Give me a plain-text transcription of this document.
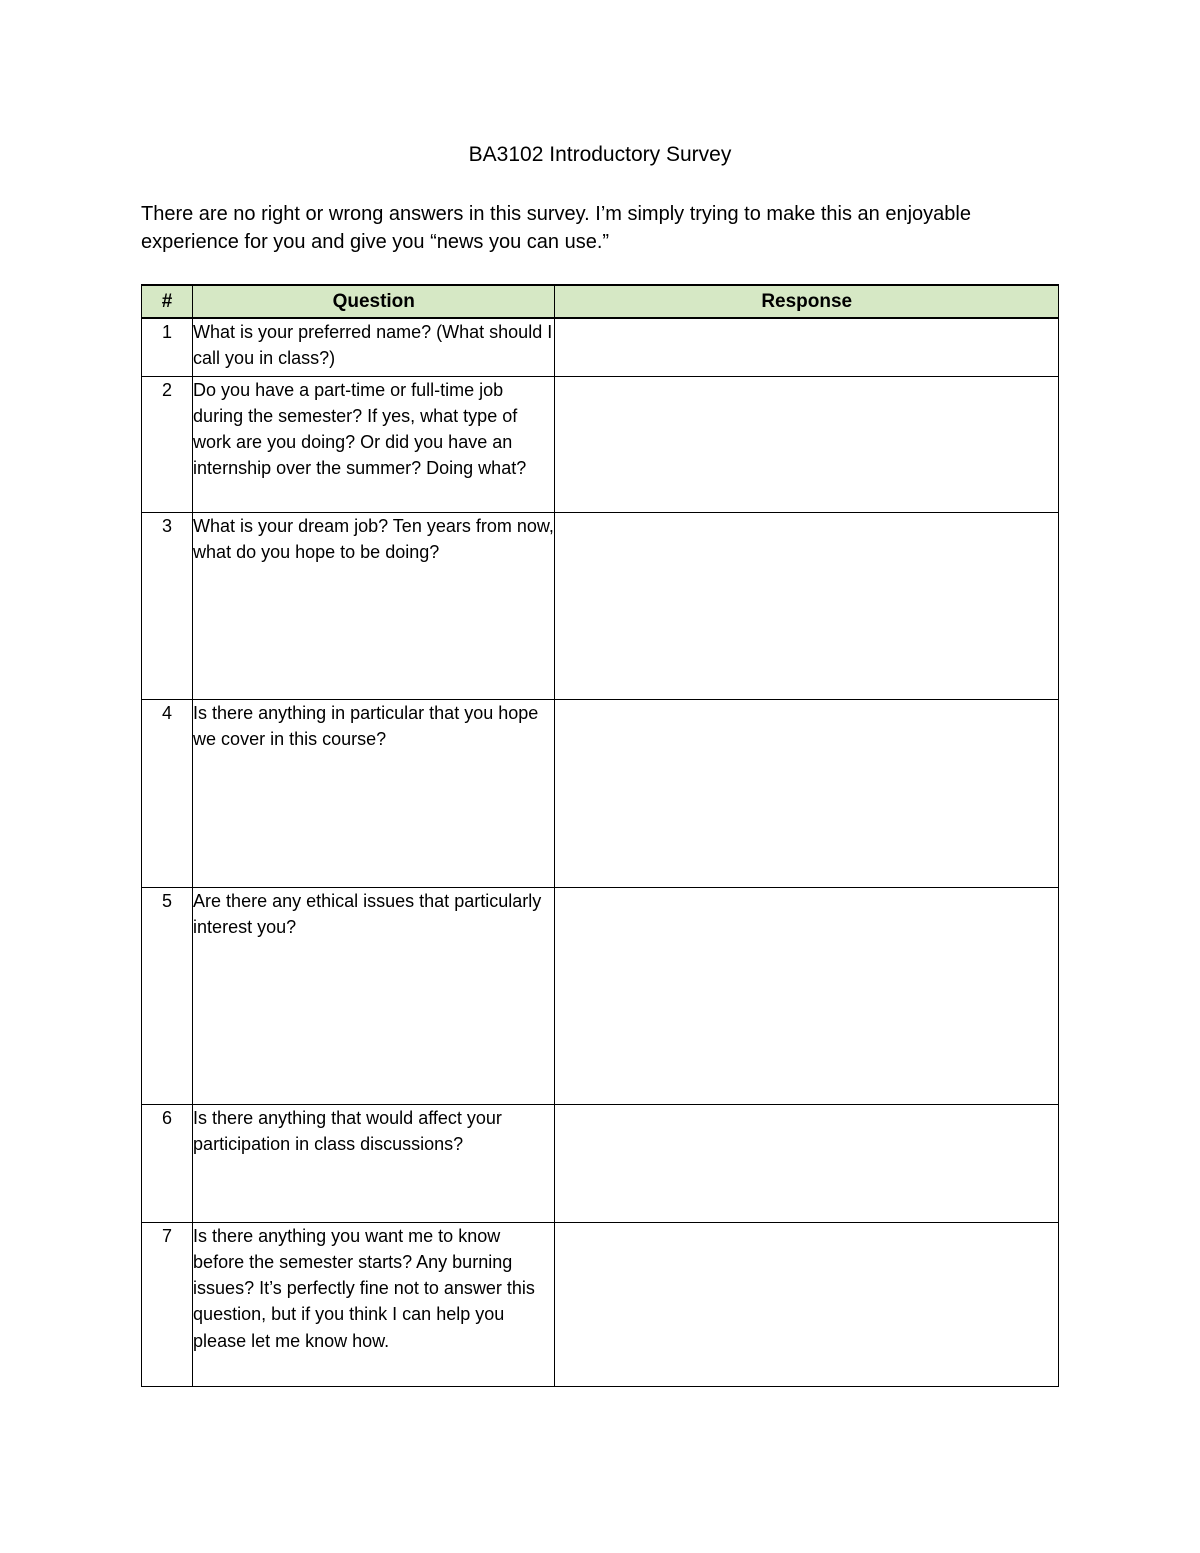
BA3102 Introductory Survey

There are no right or wrong answers in this survey. I’m simply trying to make this an enjoyable experience for you and give you “news you can use.”

#	Question	Response
1	What is your preferred name? (What should I call you in class?)	
2	Do you have a part-time or full-time job during the semester? If yes, what type of work are you doing? Or did you have an internship over the summer? Doing what?	
3	What is your dream job? Ten years from now, what do you hope to be doing?	
4	Is there anything in particular that you hope we cover in this course?	
5	Are there any ethical issues that particularly interest you?	
6	Is there anything that would affect your participation in class discussions?	
7	Is there anything you want me to know before the semester starts? Any burning issues? It’s perfectly fine not to answer this question, but if you think I can help you please let me know how.	
